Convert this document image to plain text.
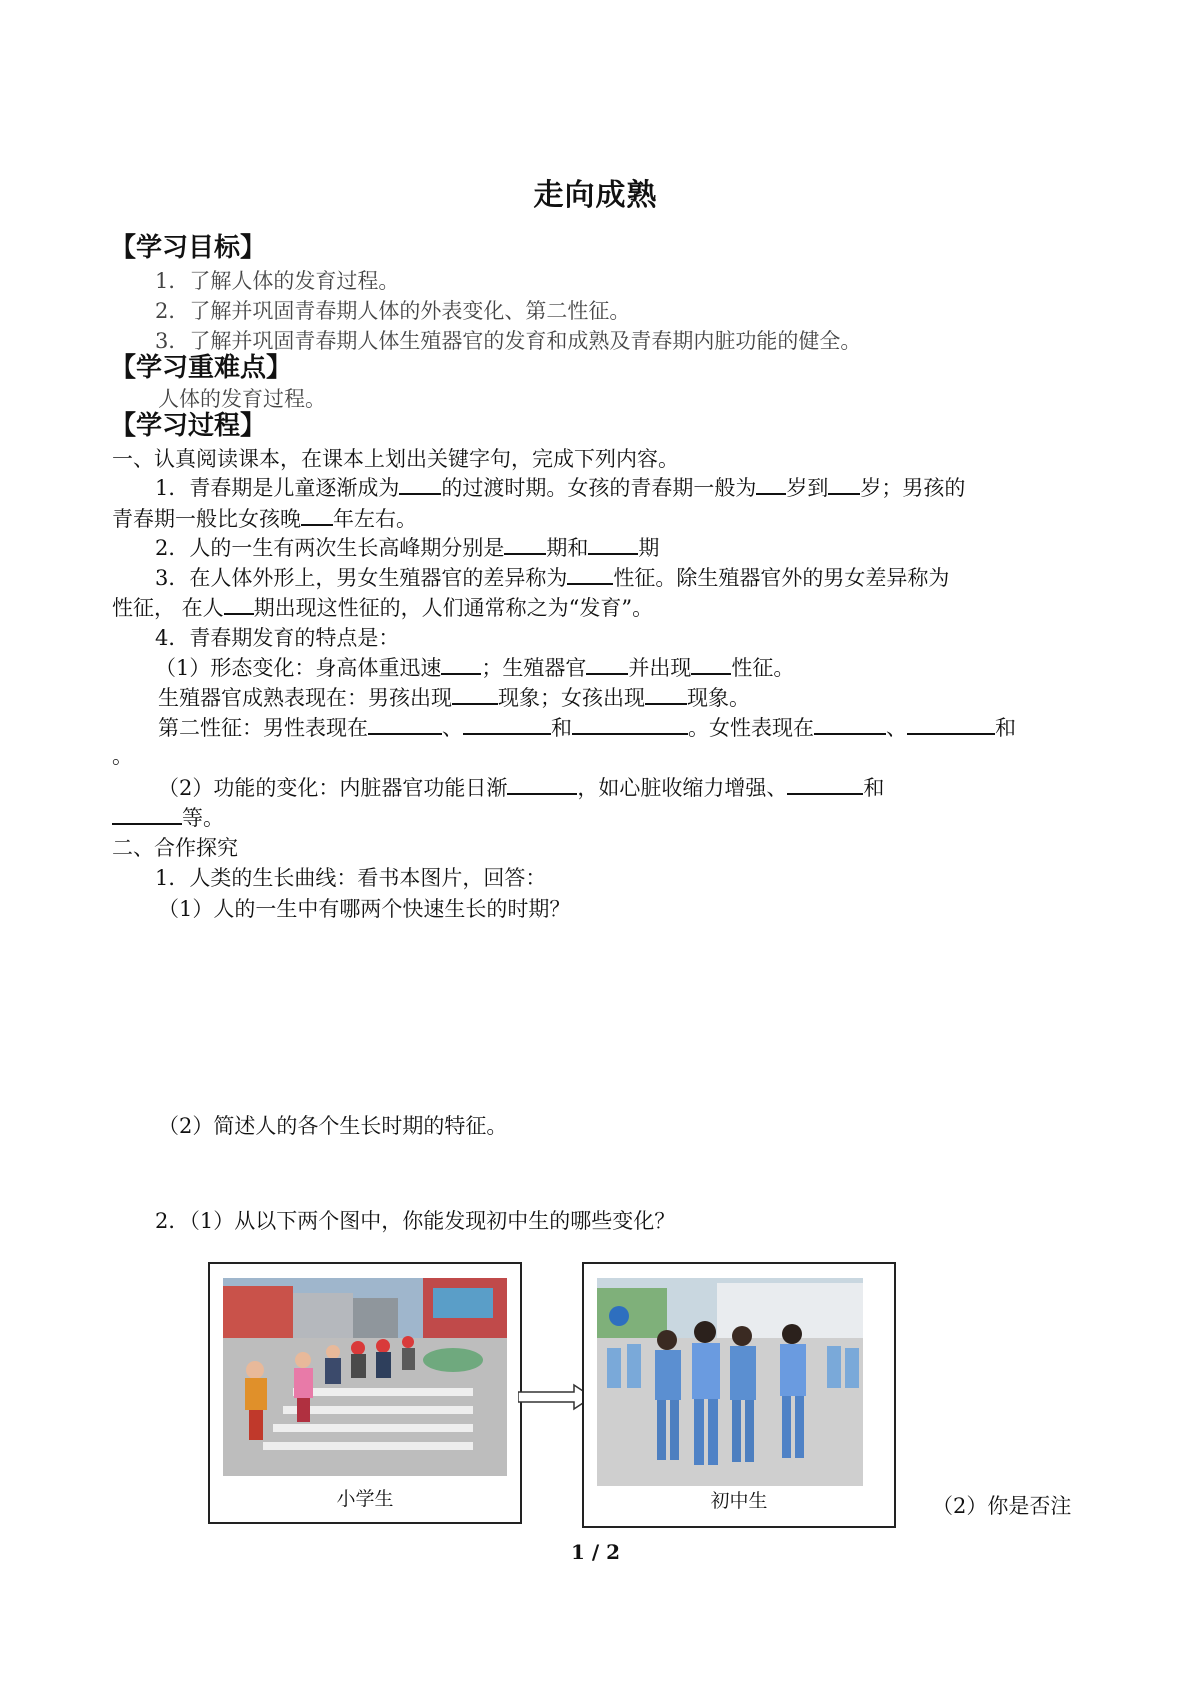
走向成熟
【学习目标】
1．了解人体的发育过程。
2．了解并巩固青春期人体的外表变化、第二性征。
3．了解并巩固青春期人体生殖器官的发育和成熟及青春期内脏功能的健全。
【学习重难点】
人体的发育过程。
【学习过程】
一、认真阅读课本，在课本上划出关键字句，完成下列内容。
1．青春期是儿童逐渐成为 的过渡时期。女孩的青春期一般为 岁到 岁；男孩的
青春期一般比女孩晚 年左右。
2．人的一生有两次生长高峰期分别是 期和 期
3．在人体外形上，男女生殖器官的差异称为 性征。除生殖器官外的男女差异称为
性征， 在人 期出现这性征的，人们通常称之为“发育”。
4．青春期发育的特点是：
（1）形态变化：身高体重迅速 ；生殖器官 并出现 性征。
生殖器官成熟表现在：男孩出现 现象；女孩出现 现象。
第二性征：男性表现在	、	和	。女性表现在	、	和
。
（2）功能的变化：内脏器官功能日渐	，如心脏收缩力增强、	和
等。
二、合作探究
1．人类的生长曲线：看书本图片，回答：
（1）人的一生中有哪两个快速生长的时期？
（2）简述人的各个生长时期的特征。
2．（1）从以下两个图中，你能发现初中生的哪些变化？
小学生	初中生	（2）你是否注
1 / 2
